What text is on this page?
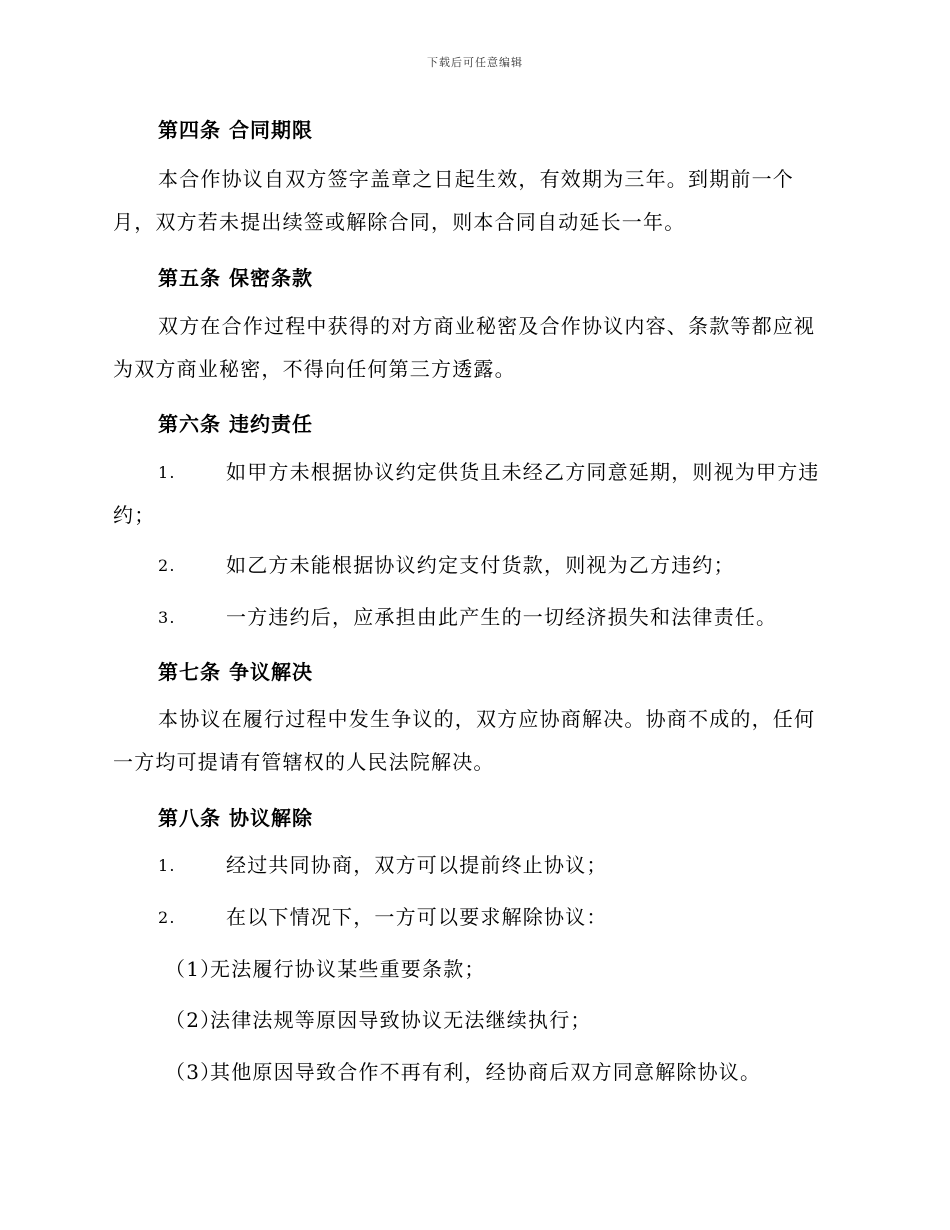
下载后可任意编辑
第四条 合同期限
本合作协议自双方签字盖章之日起生效，有效期为三年。到期前一个
月，双方若未提出续签或解除合同，则本合同自动延长一年。
第五条 保密条款
双方在合作过程中获得的对方商业秘密及合作协议内容、条款等都应视
为双方商业秘密，不得向任何第三方透露。
第六条 违约责任
1.	如甲方未根据协议约定供货且未经乙方同意延期，则视为甲方违
约；
2.	如乙方未能根据协议约定支付货款，则视为乙方违约；
3.	一方违约后，应承担由此产生的一切经济损失和法律责任。
第七条 争议解决
本协议在履行过程中发生争议的，双方应协商解决。协商不成的，任何
一方均可提请有管辖权的人民法院解决。
第八条 协议解除
1.	经过共同协商，双方可以提前终止协议；
2.	在以下情况下，一方可以要求解除协议：
（1）无法履行协议某些重要条款；
（2）法律法规等原因导致协议无法继续执行；
（3）其他原因导致合作不再有利，经协商后双方同意解除协议。
